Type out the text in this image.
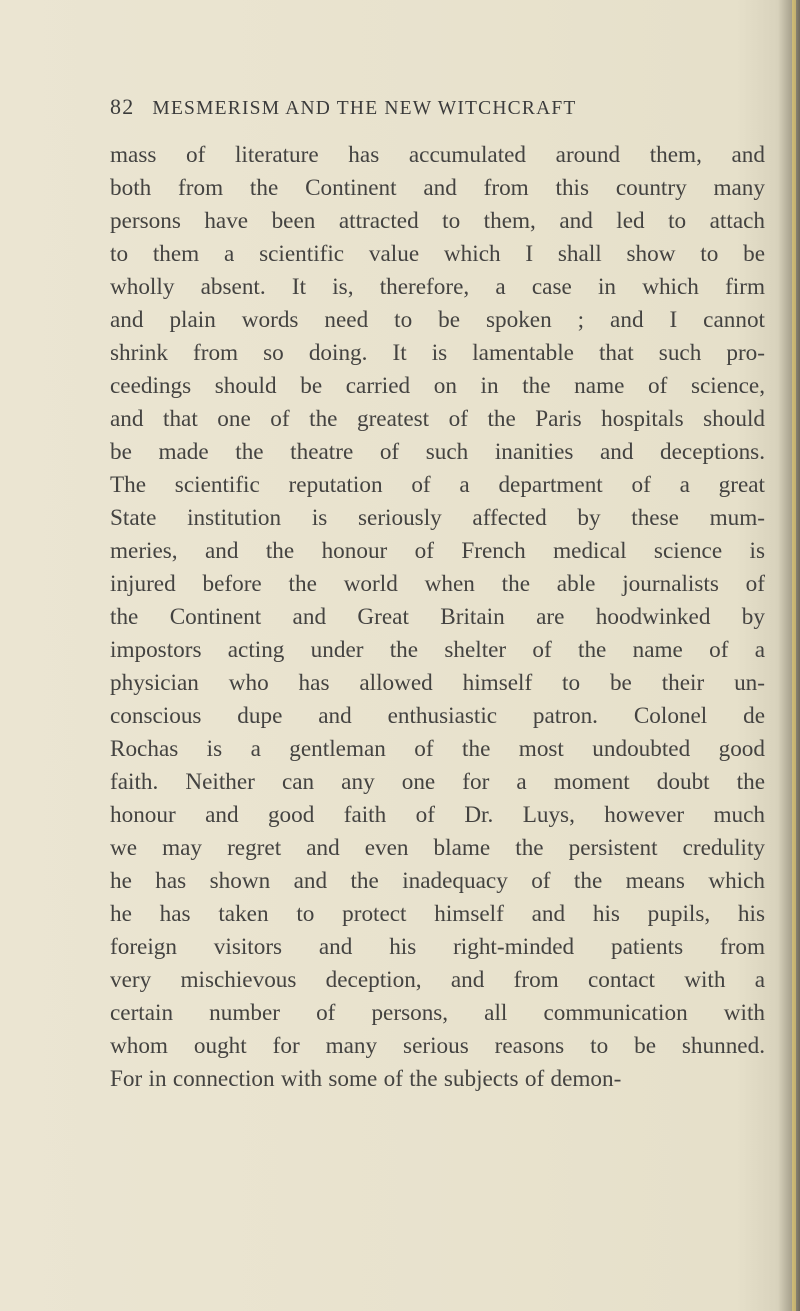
82 MESMERISM AND THE NEW WITCHCRAFT
mass of literature has accumulated around them, and
both from the Continent and from this country many
persons have been attracted to them, and led to attach
to them a scientific value which I shall show to be
wholly absent. It is, therefore, a case in which firm
and plain words need to be spoken ; and I cannot
shrink from so doing. It is lamentable that such pro-
ceedings should be carried on in the name of science,
and that one of the greatest of the Paris hospitals should
be made the theatre of such inanities and deceptions.
The scientific reputation of a department of a great
State institution is seriously affected by these mum-
meries, and the honour of French medical science is
injured before the world when the able journalists of
the Continent and Great Britain are hoodwinked by
impostors acting under the shelter of the name of a
physician who has allowed himself to be their un-
conscious dupe and enthusiastic patron. Colonel de
Rochas is a gentleman of the most undoubted good
faith. Neither can any one for a moment doubt the
honour and good faith of Dr. Luys, however much
we may regret and even blame the persistent credulity
he has shown and the inadequacy of the means which
he has taken to protect himself and his pupils, his
foreign visitors and his right-minded patients from
very mischievous deception, and from contact with a
certain number of persons, all communication with
whom ought for many serious reasons to be shunned.
For in connection with some of the subjects of demon-
